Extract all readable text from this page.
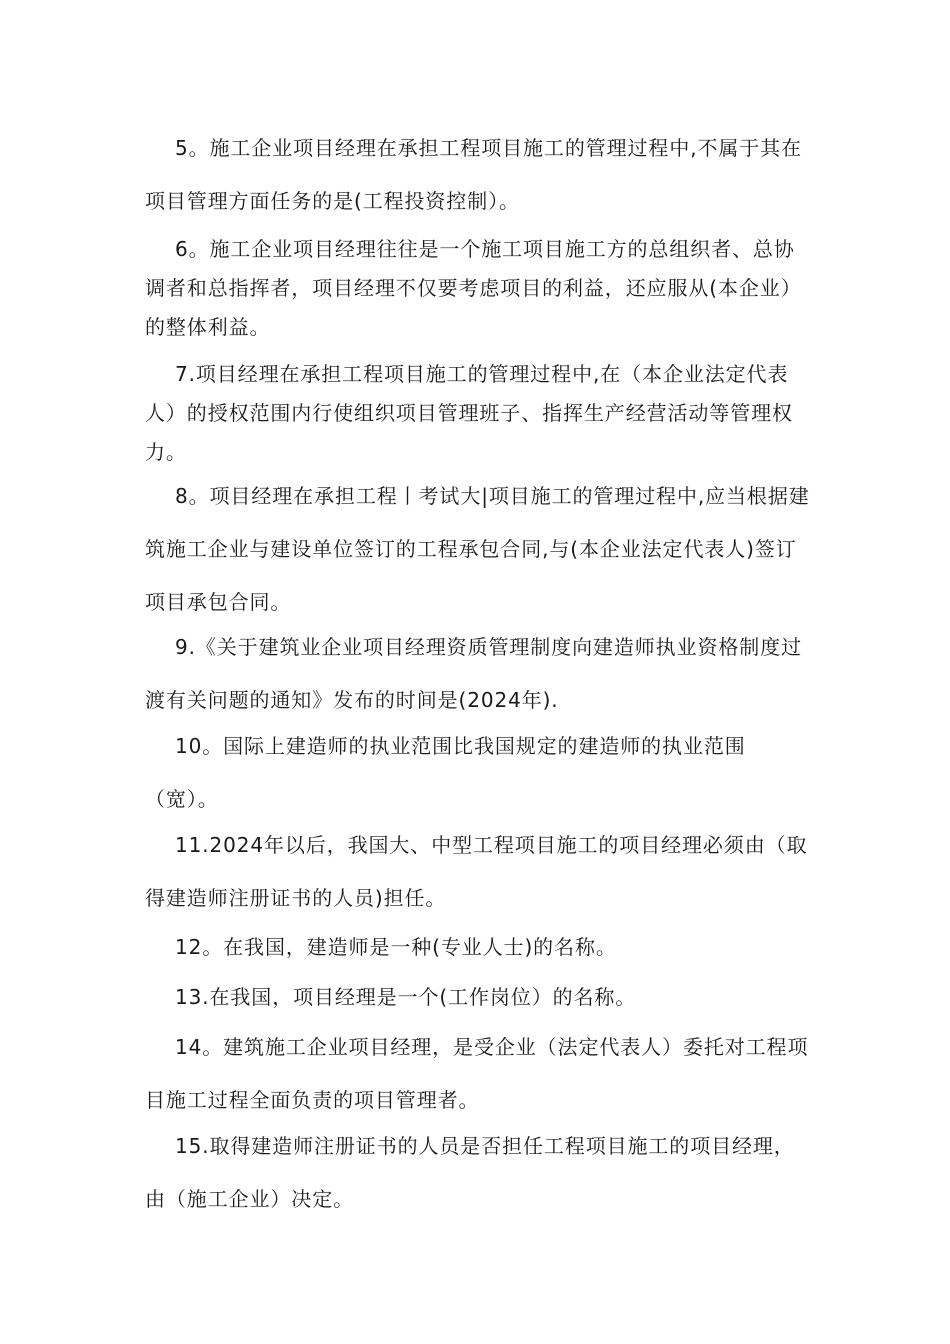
5。施工企业项目经理在承担工程项目施工的管理过程中,不属于其在项目管理方面任务的是(工程投资控制）。

6。施工企业项目经理往往是一个施工项目施工方的总组织者、总协调者和总指挥者，项目经理不仅要考虑项目的利益，还应服从(本企业）的整体利益。

7.项目经理在承担工程项目施工的管理过程中,在（本企业法定代表人）的授权范围内行使组织项目管理班子、指挥生产经营活动等管理权力。

8。项目经理在承担工程丨考试大|项目施工的管理过程中,应当根据建筑施工企业与建设单位签订的工程承包合同,与(本企业法定代表人)签订项目承包合同。

9.《关于建筑业企业项目经理资质管理制度向建造师执业资格制度过渡有关问题的通知》发布的时间是(2024年).

10。国际上建造师的执业范围比我国规定的建造师的执业范围（宽）。

11.2024年以后，我国大、中型工程项目施工的项目经理必须由（取得建造师注册证书的人员)担任。

12。在我国，建造师是一种(专业人士)的名称。

13.在我国，项目经理是一个(工作岗位）的名称。

14。建筑施工企业项目经理，是受企业（法定代表人）委托对工程项目施工过程全面负责的项目管理者。

15.取得建造师注册证书的人员是否担任工程项目施工的项目经理，由（施工企业）决定。
